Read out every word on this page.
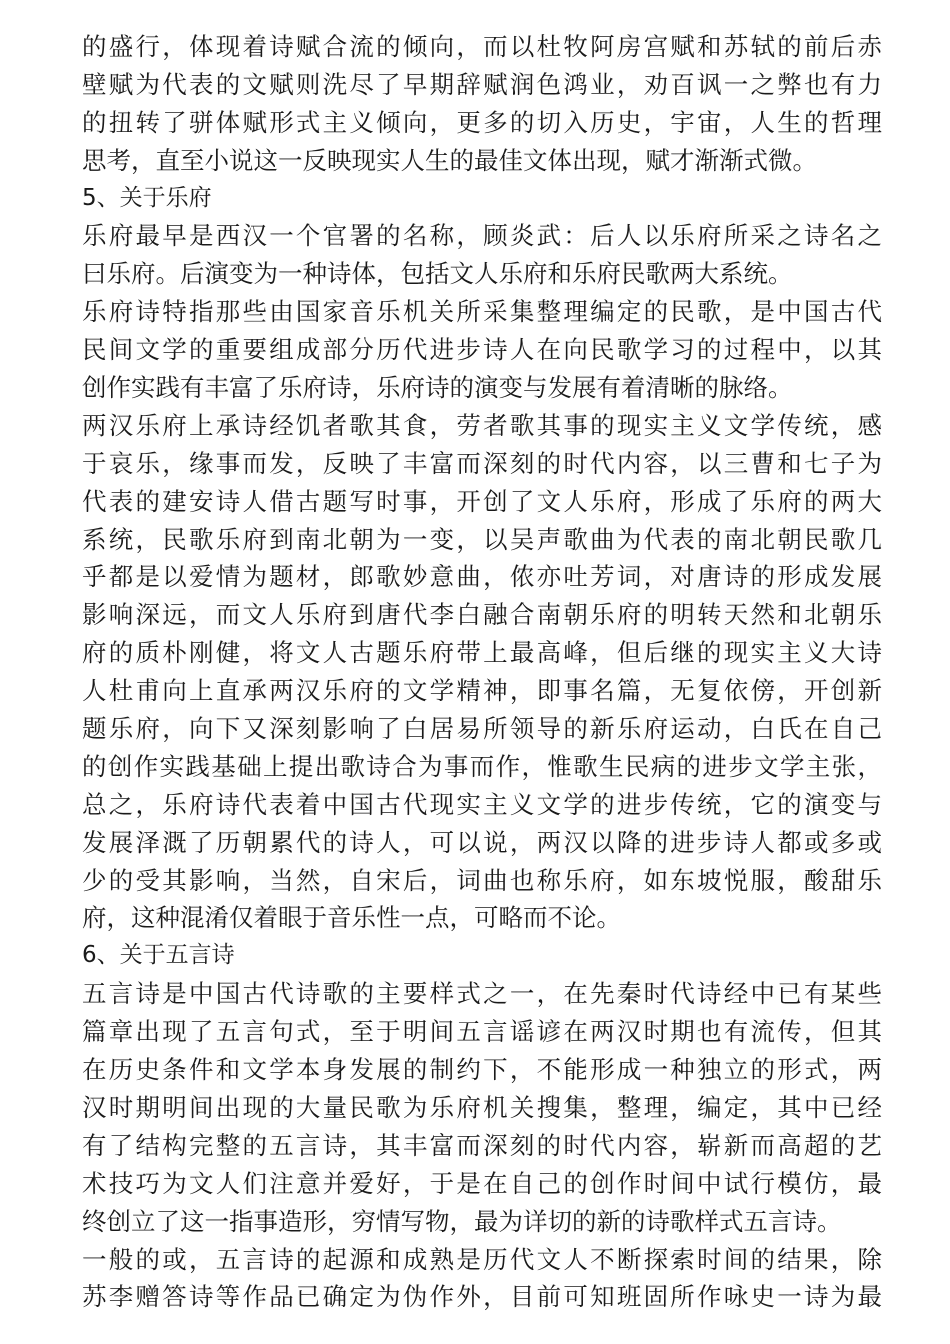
的盛行，体现着诗赋合流的倾向，而以杜牧阿房宫赋和苏轼的前后赤
壁赋为代表的文赋则洗尽了早期辞赋润色鸿业，劝百讽一之弊也有力
的扭转了骈体赋形式主义倾向，更多的切入历史，宇宙，人生的哲理
思考，直至小说这一反映现实人生的最佳文体出现，赋才渐渐式微。
5、关于乐府
乐府最早是西汉一个官署的名称，顾炎武：后人以乐府所采之诗名之
曰乐府。后演变为一种诗体，包括文人乐府和乐府民歌两大系统。
乐府诗特指那些由国家音乐机关所采集整理编定的民歌，是中国古代
民间文学的重要组成部分历代进步诗人在向民歌学习的过程中，以其
创作实践有丰富了乐府诗，乐府诗的演变与发展有着清晰的脉络。
两汉乐府上承诗经饥者歌其食，劳者歌其事的现实主义文学传统，感
于哀乐，缘事而发，反映了丰富而深刻的时代内容，以三曹和七子为
代表的建安诗人借古题写时事，开创了文人乐府，形成了乐府的两大
系统，民歌乐府到南北朝为一变，以吴声歌曲为代表的南北朝民歌几
乎都是以爱情为题材，郎歌妙意曲，侬亦吐芳词，对唐诗的形成发展
影响深远，而文人乐府到唐代李白融合南朝乐府的明转天然和北朝乐
府的质朴刚健，将文人古题乐府带上最高峰，但后继的现实主义大诗
人杜甫向上直承两汉乐府的文学精神，即事名篇，无复依傍，开创新
题乐府，向下又深刻影响了白居易所领导的新乐府运动，白氏在自己
的创作实践基础上提出歌诗合为事而作，惟歌生民病的进步文学主张，
总之，乐府诗代表着中国古代现实主义文学的进步传统，它的演变与
发展泽溉了历朝累代的诗人，可以说，两汉以降的进步诗人都或多或
少的受其影响，当然，自宋后，词曲也称乐府，如东坡悦服，酸甜乐
府，这种混淆仅着眼于音乐性一点，可略而不论。
6、关于五言诗
五言诗是中国古代诗歌的主要样式之一，在先秦时代诗经中已有某些
篇章出现了五言句式，至于明间五言谣谚在两汉时期也有流传，但其
在历史条件和文学本身发展的制约下，不能形成一种独立的形式，两
汉时期明间出现的大量民歌为乐府机关搜集，整理，编定，其中已经
有了结构完整的五言诗，其丰富而深刻的时代内容，崭新而高超的艺
术技巧为文人们注意并爱好，于是在自己的创作时间中试行模仿，最
终创立了这一指事造形，穷情写物，最为详切的新的诗歌样式五言诗。
一般的或，五言诗的起源和成熟是历代文人不断探索时间的结果，除
苏李赠答诗等作品已确定为伪作外，目前可知班固所作咏史一诗为最
